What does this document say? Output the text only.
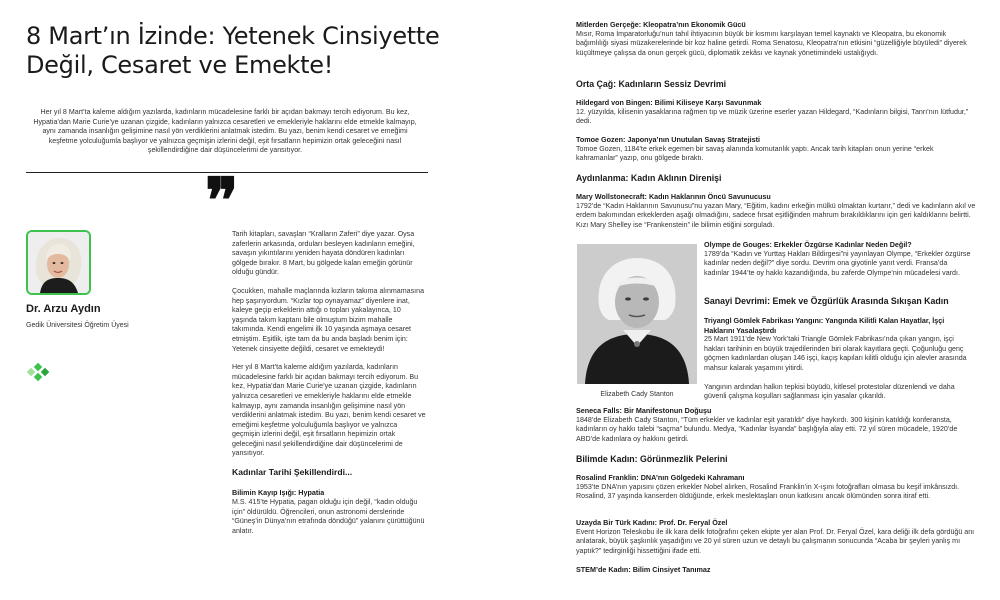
8 Mart’ın İzinde: Yetenek Cinsiyette Değil, Cesaret ve Emekte!

Her yıl 8 Mart’ta kaleme aldığım yazılarda, kadınların mücadelesine farklı bir açıdan bakmayı tercih ediyorum. Bu kez, Hypatia’dan Marie Curie’ye uzanan çizgide, kadınların yalnızca cesaretleri ve emekleriyle haklarını elde etmekle kalmayıp, aynı zamanda insanlığın gelişimine nasıl yön verdiklerini anlatmak istedim. Bu yazı, benim kendi cesaret ve emeğimi keşfetme yolculuğumla başlıyor ve yalnızca geçmişin izlerini değil, eşit fırsatların hepimizin ortak geleceğini nasıl şekillendirdiğine dair düşüncelerimi de yansıtıyor.

❞
Dr. Arzu Aydın
Gedik Üniversitesi Öğretim Üyesi

Tarih kitapları, savaşları “Kralların Zaferi” diye yazar. Oysa zaferlerin arkasında, orduları besleyen kadınların emeğini, savaşın yıkıntılarını yeniden hayata döndüren kadınları gölgede bırakır. 8 Mart, bu gölgede kalan emeğin görünür olduğu gündür.

Çocukken, mahalle maçlarında kızların takıma alınmamasına hep şaşırıyordum. “Kızlar top oynayamaz” diyenlere inat, kaleye geçip erkeklerin attığı o topları yakalayınca, 10 yaşında takım kaptanı bile olmuştum bizim mahalle takımında. Kendi engelimi ilk 10 yaşında aşmaya cesaret etmiştim. Eşitlik, işte tam da bu anda başladı benim için: Yetenek cinsiyette değildi, cesaret ve emekteydi!

Her yıl 8 Mart’ta kaleme aldığım yazılarda, kadınların mücadelesine farklı bir açıdan bakmayı tercih ediyorum. Bu kez, Hypatia’dan Marie Curie’ye uzanan çizgide, kadınların yalnızca cesaretleri ve emekleriyle haklarını elde etmekle kalmayıp, aynı zamanda insanlığın gelişimine nasıl yön verdiklerini anlatmak istedim. Bu yazı, benim kendi cesaret ve emeğimi keşfetme yolculuğumla başlıyor ve yalnızca geçmişin izlerini değil, eşit fırsatların hepimizin ortak geleceğini nasıl şekillendirdiğine dair düşüncelerimi de yansıtıyor.

Kadınlar Tarihi Şekillendirdi...
Bilimin Kayıp Işığı: Hypatia

M.S. 415’te Hypatia, pagan olduğu için değil, “kadın olduğu için” öldürüldü. Öğrencileri, onun astronomi derslerinde “Güneş’in Dünya’nın etrafında döndüğü” yalanını çürüttüğünü anlatır.

Mitlerden Gerçeğe: Kleopatra’nın Ekonomik Gücü

Mısır, Roma İmparatorluğu’nun tahıl ihtiyacının büyük bir kısmını karşılayan temel kaynaktı ve Kleopatra, bu ekonomik bağımlılığı siyasi müzakerelerinde bir koz haline getirdi. Roma Senatosu, Kleopatra’nın etkisini “güzelliğiyle büyüledi” diyerek küçültmeye çalışsa da onun gerçek gücü, diplomatik zekâsı ve kaynak yönetimindeki ustalığıydı.

Orta Çağ: Kadınların Sessiz Devrimi
Hildegard von Bingen: Bilimi Kiliseye Karşı Savunmak

12. yüzyılda, kilisenin yasaklarına rağmen tıp ve müzik üzerine eserler yazan Hildegard, “Kadınların bilgisi, Tanrı’nın lütfudur,” dedi.

Tomoe Gozen: Japonya’nın Unutulan Savaş Stratejisti

Tomoe Gozen, 1184’te erkek egemen bir savaş alanında komutanlık yaptı. Ancak tarih kitapları onun yerine “erkek kahramanlar” yazıp, onu gölgede bıraktı.

Aydınlanma: Kadın Aklının Direnişi
Mary Wollstonecraft: Kadın Haklarının Öncü Savunucusu

1792’de “Kadın Haklarının Savunusu”nu yazan Mary, “Eğitim, kadını erkeğin mülkü olmaktan kurtarır,” dedi ve kadınların akıl ve erdem bakımından erkeklerden aşağı olmadığını, sadece fırsat eşitliğinden mahrum bırakıldıklarını için geri kaldıklarını belirtti. Kızı Mary Shelley ise “Frankenstein” ile bilimin etiğini sorguladı.

Elizabeth Cady Stanton
Olympe de Gouges: Erkekler Özgürse Kadınlar Neden Değil?

1789’da “Kadın ve Yurttaş Hakları Bildirgesi”ni yayınlayan Olympe, “Erkekler özgürse kadınlar neden değil?” diye sordu. Devrim ona giyotinle yanıt verdi. Fransa’da kadınlar 1944’te oy hakkı kazandığında, bu zaferde Olympe’nin mücadelesi vardı.

Sanayi Devrimi: Emek ve Özgürlük Arasında Sıkışan Kadın
Triyangl Gömlek Fabrikası Yangını: Yangında Kilitli Kalan Hayatlar, İşçi Haklarını Yasalaştırdı

25 Mart 1911’de New York’taki Triangle Gömlek Fabrikası’nda çıkan yangın, işçi hakları tarihinin en büyük trajedilerinden biri olarak kayıtlara geçti. Çoğunluğu genç göçmen kadınlardan oluşan 146 işçi, kaçış kapıları kilitli olduğu için alevler arasında mahsur kalarak yaşamını yitirdi.

Yangının ardından halkın tepkisi büyüdü, kitlesel protestolar düzenlendi ve daha güvenli çalışma koşulları sağlanması için yasalar çıkarıldı.

Seneca Falls: Bir Manifestonun Doğuşu

1848’de Elizabeth Cady Stanton, “Tüm erkekler ve kadınlar eşit yaratıldı” diye haykırdı. 300 kişinin katıldığı konferansta, kadınların oy hakkı talebi “saçma” bulundu. Medya, “Kadınlar İsyanda” başlığıyla alay etti. 72 yıl süren mücadele, 1920’de ABD’de kadınlara oy hakkını getirdi.

Bilimde Kadın: Görünmezlik Pelerini
Rosalind Franklin: DNA’nın Gölgedeki Kahramanı

1953’te DNA’nın yapısını çözen erkekler Nobel alırken, Rosalind Franklin’in X-ışını fotoğrafları olmasa bu keşif imkânsızdı. Rosalind, 37 yaşında kanserden öldüğünde, erkek meslektaşları onun katkısını ancak ölümünden sonra itiraf etti.

Uzayda Bir Türk Kadını: Prof. Dr. Feryal Özel

Event Horizon Teleskobu ile ilk kara delik fotoğrafını çeken ekipte yer alan Prof. Dr. Feryal Özel, kara deliği ilk defa gördüğü anı anlatarak, büyük şaşkınlık yaşadığını ve 20 yıl süren uzun ve detaylı bu çalışmanın sonucunda “Acaba bir şeyleri yanlış mı yaptık?” tedirginliği hissettiğini ifade etti.

STEM’de Kadın: Bilim Cinsiyet Tanımaz
